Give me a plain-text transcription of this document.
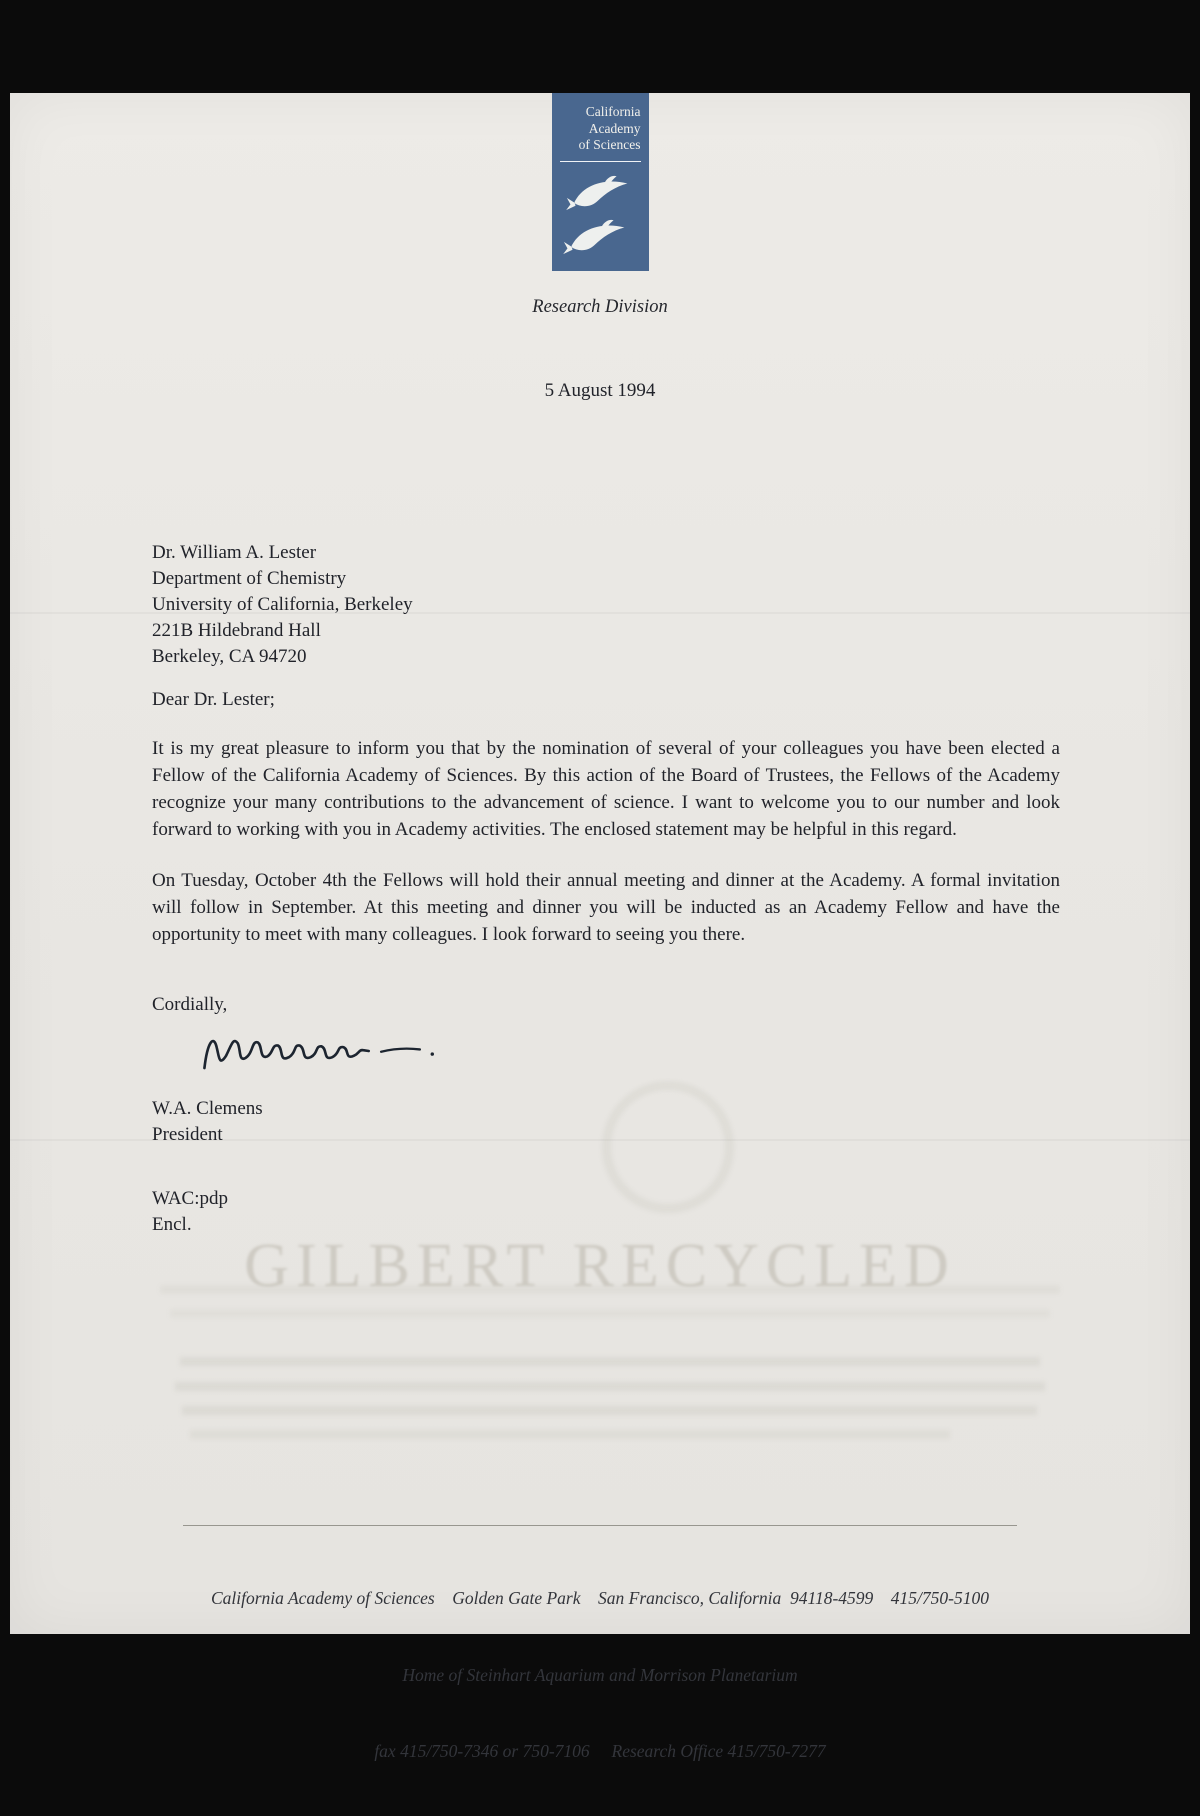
GILBERT RECYCLED
California
Academy
of Sciences
Research Division
5 August 1994
Dr. William A. Lester
Department of Chemistry
University of California, Berkeley
221B Hildebrand Hall
Berkeley, CA 94720
Dear Dr. Lester;

It is my great pleasure to inform you that by the nomination of several of your colleagues you have been elected a Fellow of the California Academy of Sciences. By this action of the Board of Trustees, the Fellows of the Academy recognize your many contributions to the advancement of science. I want to welcome you to our number and look forward to working with you in Academy activities. The enclosed statement may be helpful in this regard.

On Tuesday, October 4th the Fellows will hold their annual meeting and dinner at the Academy. A formal invitation will follow in September. At this meeting and dinner you will be inducted as an Academy Fellow and have the opportunity to meet with many colleagues. I look forward to seeing you there.

Cordially,
W.A. Clemens
President
WAC:pdp
Encl.

California Academy of Sciences    Golden Gate Park    San Francisco, California  94118-4599    415/750-5100

Home of Steinhart Aquarium and Morrison Planetarium

fax 415/750-7346 or 750-7106     Research Office 415/750-7277
